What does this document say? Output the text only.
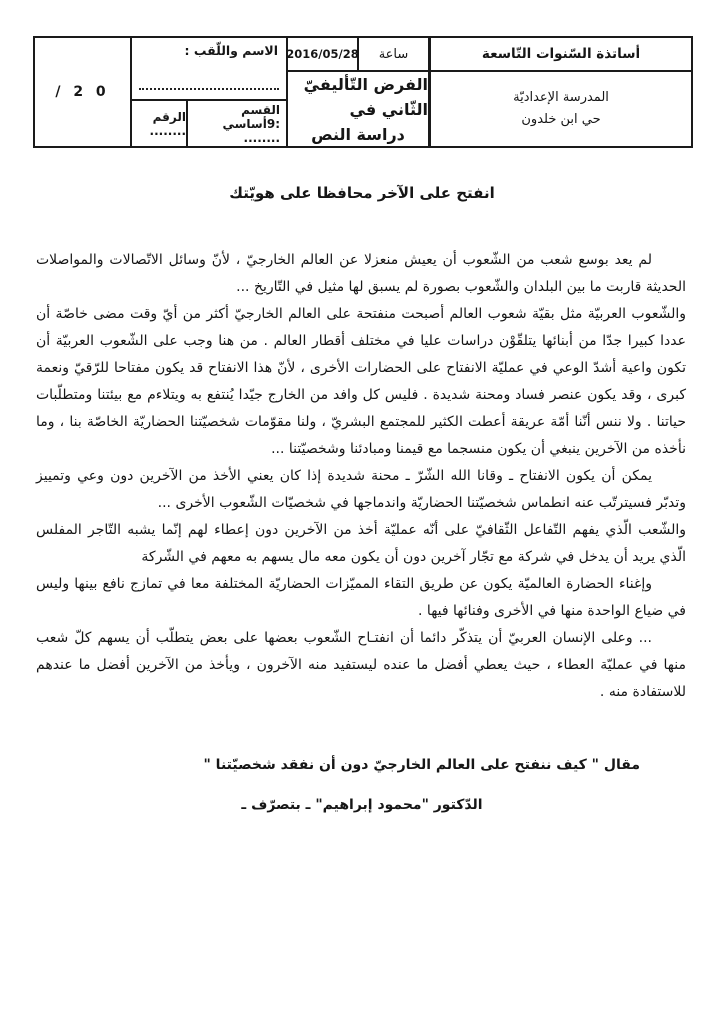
/ 2 0
الاسم واللّقب :
الرقم ........
القسم :9أساسي ........
2016/05/28 ساعة
الفرض التّأليفيّ الثّاني في
دراسة النص
أساتذة السّنوات التّاسعة
المدرسة الإعداديّة
حي ابن خلدون
انفتح على الآخر محافظا على هويّتك

لم يعد بوسع شعب من الشّعوب أن يعيش منعزلا عن العالم الخارجيّ ، لأنّ وسائل الاتّصالات والمواصلات الحديثة قاربت ما بين البلدان والشّعوب بصورة لم يسبق لها مثيل في التّاريخ ...

والشّعوب العربيّة مثل بقيّة شعوب العالم أصبحت منفتحة على العالم الخارجيّ أكثر من أيّ وقت مضى خاصّة أن عددا كبيرا جدّا من أبنائها يتلقّوْن دراسات عليا في مختلف أقطار العالم . من هنا وجب على الشّعوب العربيّة أن تكون واعية أشدّ الوعي في عمليّة الانفتاح على الحضارات الأخرى ، لأنّ هذا الانفتاح قد يكون مفتاحا للرّقيّ ونعمة كبرى ، وقد يكون عنصر فساد ومحنة شديدة . فليس كل وافد من الخارج جيّدا يُنتفع به ويتلاءم مع بيئتنا ومتطلّبات حياتنا . ولا ننس أنّنا أمّة عريقة أعطت الكثير للمجتمع البشريّ ، ولنا مقوّمات شخصيّتنا الحضاريّة الخاصّة بنا ، وما نأخذه من الآخرين ينبغي أن يكون منسجما مع قيمنا ومبادئنا وشخصيّتنا ...

يمكن أن يكون الانفتاح ـ وقانا الله الشّرّ ـ محنة شديدة إذا كان يعني الأخذ من الآخرين دون وعي وتمييز وتدبّر فسيترتّب عنه انطماس شخصيّتنا الحضاريّة واندماجها في شخصيّات الشّعوب الأخرى ...

والشّعب الّذي يفهم التّفاعل الثّقافيّ على أنّه عمليّة أخذ من الآخرين دون إعطاء لهم إنّما يشبه التّاجر المفلس الّذي يريد أن يدخل في شركة مع تجّار آخرين دون أن يكون معه مال يسهم به معهم في الشّركة

وإغناء الحضارة العالميّة يكون عن طريق التقاء المميّزات الحضاريّة المختلفة معا في تمازج نافع بينها وليس في ضياع الواحدة منها في الأخرى وفنائها فيها .

... وعلى الإنسان العربيّ أن يتذكّر دائما أن انفتـاح الشّعوب بعضها على بعض يتطلّب أن يسهم كلّ شعب منها في عمليّة العطاء ، حيث يعطي أفضل ما عنده ليستفيد منه الآخرون ، ويأخذ من الآخرين أفضل ما عندهم للاستفادة منه .

مقال " كيف ننفتح على العالم الخارجيّ دون أن نفقد شخصيّتنا "
الدّكتور "محمود إبراهيم" ـ بتصرّف ـ
